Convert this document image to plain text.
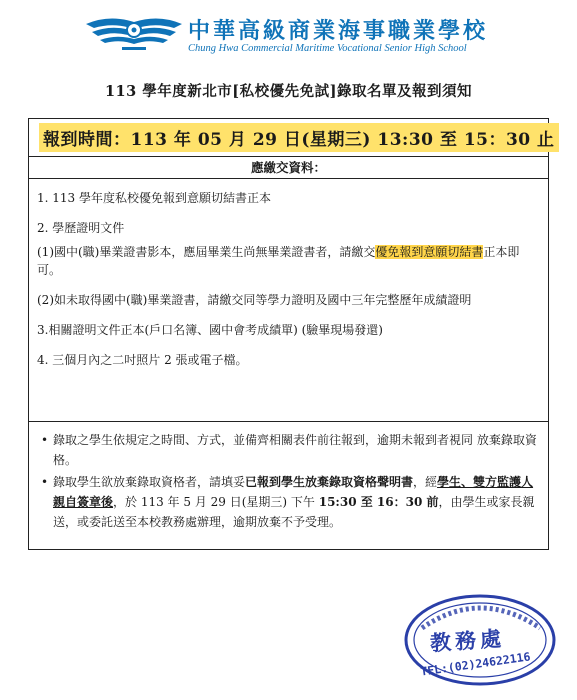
中華高級商業海事職業學校
Chung Hwa Commercial Maritime Vocational Senior High School
113 學年度新北市[私校優先免試]錄取名單及報到須知
報到時間：113 年 05 月 29 日(星期三) 13:30 至 15：30 止
應繳交資料：

1. 113 學年度私校優免報到意願切結書正本

2. 學歷證明文件

(1)國中(職)畢業證書影本，應屆畢業生尚無畢業證書者，請繳交優免報到意願切結書正本即可。

(2)如未取得國中(職)畢業證書，請繳交同等學力證明及國中三年完整歷年成績證明

3.相關證明文件正本(戶口名簿、國中會考成績單) (驗畢現場發還)

4. 三個月內之二吋照片 2 張或電子檔。

• 錄取之學生依規定之時間、方式，並備齊相關表件前往報到，逾期未報到者視同 放棄錄取資格。
• 錄取學生欲放棄錄取資格者，請填妥已報到學生放棄錄取資格聲明書，經學生、雙方監護人親自簽章後，於 113 年 5 月 29 日(星期三) 下午 15:30 至 16：30 前，由學生或家長親送，或委託送至本校教務處辦理，逾期放棄不予受理。
教務處
TEL:(02)24622116
